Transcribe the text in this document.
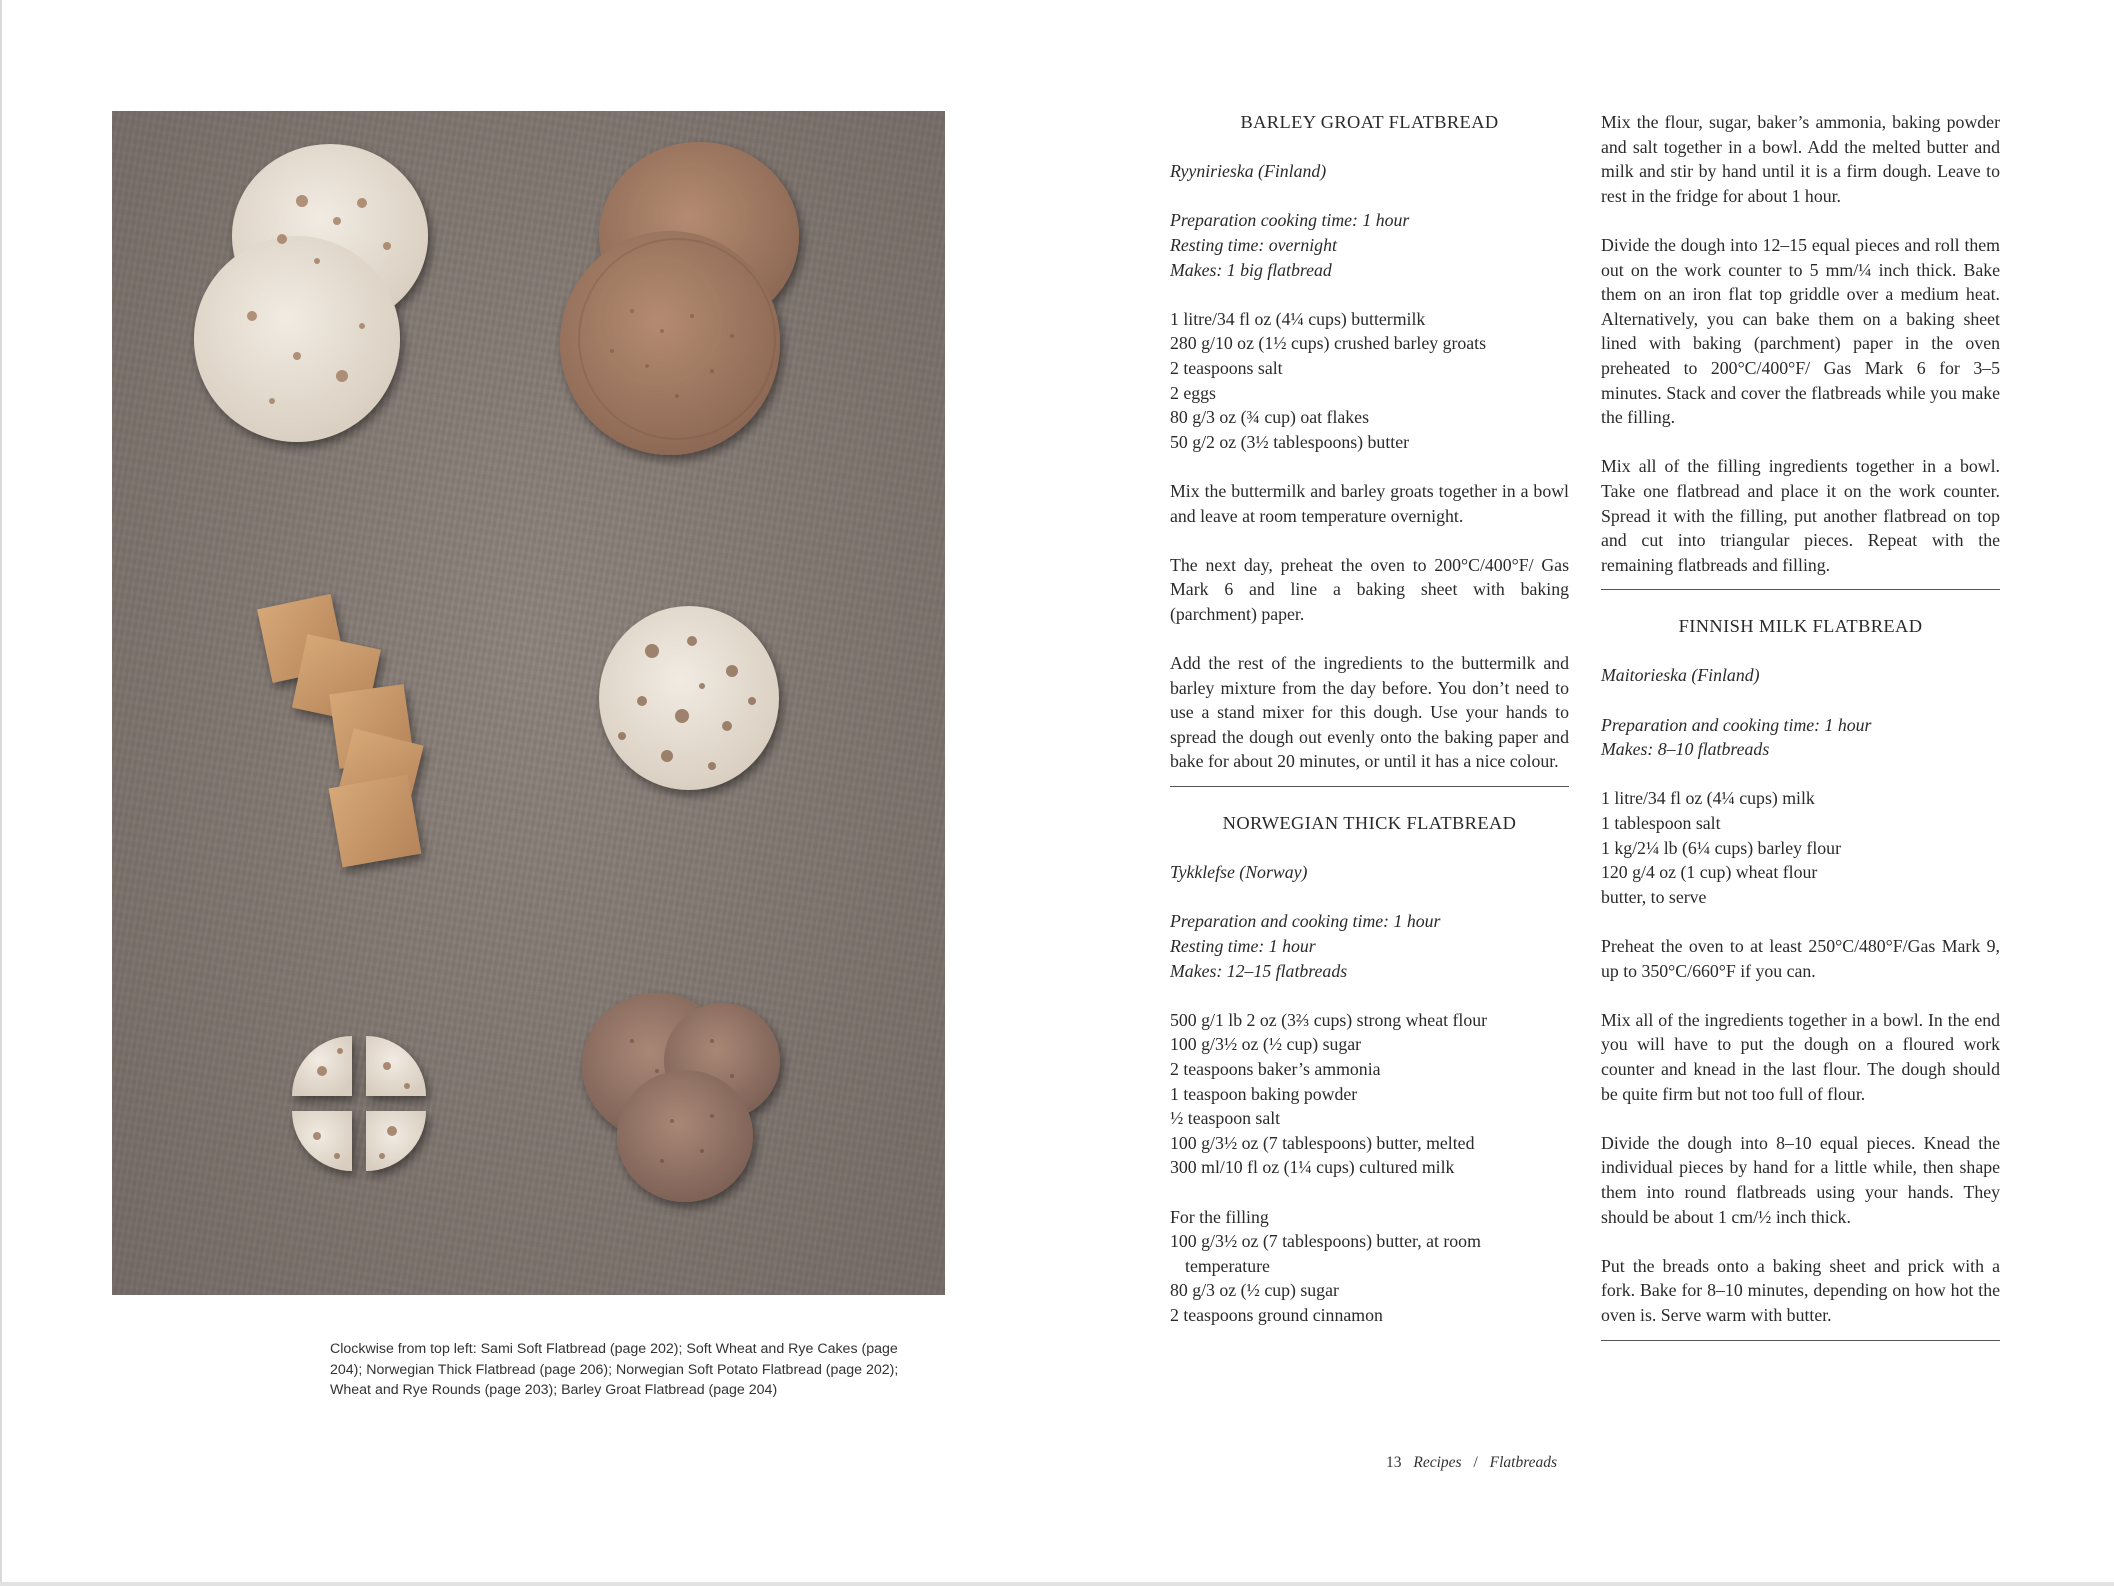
Clockwise from top left: Sami Soft Flatbread (page 202); Soft Wheat and Rye Cakes (page 204); Norwegian Thick Flatbread (page 206); Norwegian Soft Potato Flatbread (page 202); Wheat and Rye Rounds (page 203); Barley Groat Flatbread (page 204)

BARLEY GROAT FLATBREAD

Ryynirieska (Finland)

Preparation cooking time: 1 hour

Resting time: overnight

Makes: 1 big flatbread

1 litre/34 fl oz (4¼ cups) buttermilk

280 g/10 oz (1½ cups) crushed barley groats

2 teaspoons salt

2 eggs

80 g/3 oz (¾ cup) oat flakes

50 g/2 oz (3½ tablespoons) butter

Mix the buttermilk and barley groats together in a bowl and leave at room temperature overnight.

The next day, preheat the oven to 200°C/400°F/ Gas Mark 6 and line a baking sheet with baking (parchment) paper.

Add the rest of the ingredients to the buttermilk and barley mixture from the day before. You don’t need to use a stand mixer for this dough. Use your hands to spread the dough out evenly onto the baking paper and bake for about 20 minutes, or until it has a nice colour.

NORWEGIAN THICK FLATBREAD

Tykklefse (Norway)

Preparation and cooking time: 1 hour

Resting time: 1 hour

Makes: 12–15 flatbreads

500 g/1 lb 2 oz (3⅔ cups) strong wheat flour

100 g/3½ oz (½ cup) sugar

2 teaspoons baker’s ammonia

1 teaspoon baking powder

½ teaspoon salt

100 g/3½ oz (7 tablespoons) butter, melted

300 ml/10 fl oz (1¼ cups) cultured milk

For the filling

100 g/3½ oz (7 tablespoons) butter, at room temperature

80 g/3 oz (½ cup) sugar

2 teaspoons ground cinnamon

Mix the flour, sugar, baker’s ammonia, baking powder and salt together in a bowl. Add the melted butter and milk and stir by hand until it is a firm dough. Leave to rest in the fridge for about 1 hour.

Divide the dough into 12–15 equal pieces and roll them out on the work counter to 5 mm/¼ inch thick. Bake them on an iron flat top griddle over a medium heat. Alternatively, you can bake them on a baking sheet lined with baking (parchment) paper in the oven preheated to 200°C/400°F/ Gas Mark 6 for 3–5 minutes. Stack and cover the flatbreads while you make the filling.

Mix all of the filling ingredients together in a bowl. Take one flatbread and place it on the work counter. Spread it with the filling, put another flatbread on top and cut into triangular pieces. Repeat with the remaining flatbreads and filling.

FINNISH MILK FLATBREAD

Maitorieska (Finland)

Preparation and cooking time: 1 hour

Makes: 8–10 flatbreads

1 litre/34 fl oz (4¼ cups) milk

1 tablespoon salt

1 kg/2¼ lb (6¼ cups) barley flour

120 g/4 oz (1 cup) wheat flour

butter, to serve

Preheat the oven to at least 250°C/480°F/Gas Mark 9, up to 350°C/660°F if you can.

Mix all of the ingredients together in a bowl. In the end you will have to put the dough on a floured work counter and knead in the last flour. The dough should be quite firm but not too full of flour.

Divide the dough into 8–10 equal pieces. Knead the individual pieces by hand for a little while, then shape them into round flatbreads using your hands. They should be about 1 cm/½ inch thick.

Put the breads onto a baking sheet and prick with a fork. Bake for 8–10 minutes, depending on how hot the oven is. Serve warm with butter.

13 Recipes / Flatbreads
